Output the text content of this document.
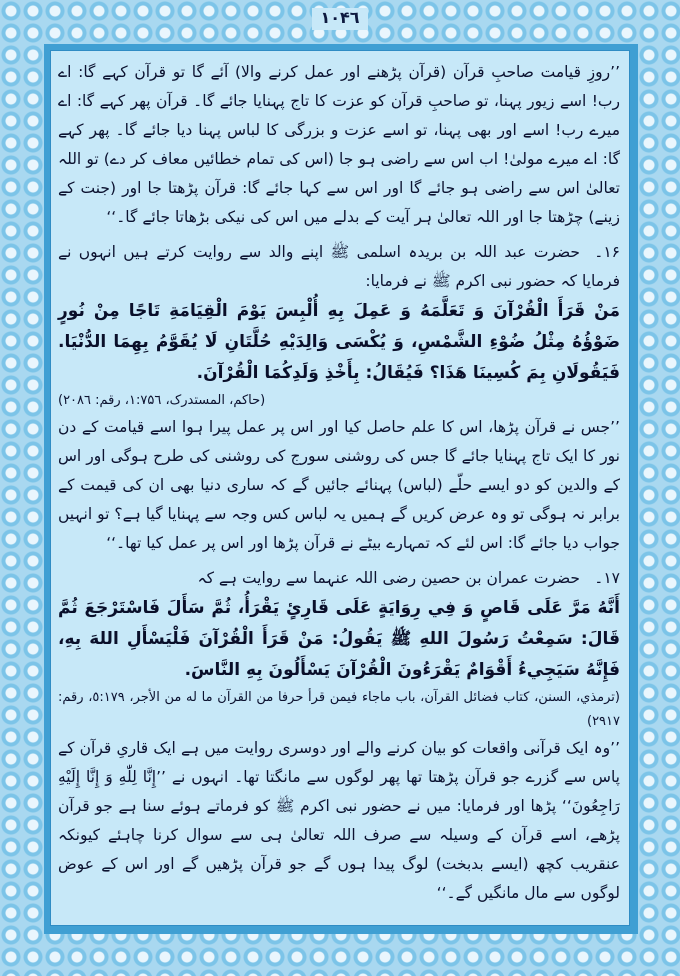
۱۰۴٦

’’روزِ قیامت صاحبِ قرآن (قرآن پڑھنے اور عمل کرنے والا) آئے گا تو قرآن کہے گا: اے رب! اسے زیور پہنا، تو صاحبِ قرآن کو عزت کا تاج پہنایا جائے گا۔ قرآن پھر کہے گا: اے میرے رب! اسے اور بھی پہنا، تو اسے عزت و بزرگی کا لباس پہنا دیا جائے گا۔ پھر کہے گا: اے میرے مولیٰ! اب اس سے راضی ہو جا (اس کی تمام خطائیں معاف کر دے) تو اللہ تعالیٰ اس سے راضی ہو جائے گا اور اس سے کہا جائے گا: قرآن پڑھتا جا اور (جنت کے زینے) چڑھتا جا اور اللہ تعالیٰ ہر آیت کے بدلے میں اس کی نیکی بڑھاتا جائے گا۔‘‘

۱۶۔حضرت عبد اللہ بن بریدہ اسلمی ﷺ اپنے والد سے روایت کرتے ہیں انہوں نے فرمایا کہ حضور نبی اکرم ﷺ نے فرمایا:

مَنْ قَرَأَ الْقُرْآنَ وَ تَعَلَّمَهُ وَ عَمِلَ بِهِ أُلْبِسَ يَوْمَ الْقِيَامَةِ تَاجًا مِنْ نُورٍ ضَوْؤُهُ مِثْلُ ضُوْءِ الشَّمْسِ، وَ يُكْسَى وَالِدَيْهِ حُلَّتَانِ لَا يُقَوَّمُ بِهِمَا الدُّنْيَا. فَيَقُولَانِ بِمَ كُسِينَا هَذَا؟ فَيُقَالُ: بِأَخْذِ وَلَدِكُمَا الْقُرْآنَ.

(حاکم، المستدرک، ۱:۷۵٦، رقم: ۲۰۸٦)

’’جس نے قرآن پڑھا، اس کا علم حاصل کیا اور اس پر عمل پیرا ہوا اسے قیامت کے دن نور کا ایک تاج پہنایا جائے گا جس کی روشنی سورج کی روشنی کی طرح ہوگی اور اس کے والدین کو دو ایسے حلّے (لباس) پہنائے جائیں گے کہ ساری دنیا بھی ان کی قیمت کے برابر نہ ہوگی تو وہ عرض کریں گے ہمیں یہ لباس کس وجہ سے پہنایا گیا ہے؟ تو انہیں جواب دیا جائے گا: اس لئے کہ تمہارے بیٹے نے قرآن پڑھا اور اس پر عمل کیا تھا۔‘‘

۱۷۔حضرت عمران بن حصین رضی اللہ عنہما سے روایت ہے کہ

أَنَّهُ مَرَّ عَلَى قَاصٍ وَ فِي رِوَايَةٍ عَلَى قَارِئٍ يَقْرَأُ، ثُمَّ سَأَلَ فَاسْتَرْجَعَ ثُمَّ قَالَ: سَمِعْتُ رَسُولَ اللهِ ﷺ يَقُولُ: مَنْ قَرَأَ الْقُرْآنَ فَلْيَسْأَلِ اللهَ بِهِ، فَإِنَّهُ سَيَجِيءُ أَقْوَامٌ يَقْرَءُونَ الْقُرْآنَ يَسْأَلُونَ بِهِ النَّاسَ.

(ترمذي، السنن، كتاب فضائل القرآن، باب ماجاء فيمن قرأ حرفا من القرآن ما له من الأجر، ٥:١٧٩، رقم: ٢٩١٧)

’’وہ ایک قرآنی واقعات کو بیان کرنے والے اور دوسری روایت میں ہے ایک قاریِ قرآن کے پاس سے گزرے جو قرآن پڑھتا تھا پھر لوگوں سے مانگتا تھا۔ انہوں نے ’’إِنَّا لِلّٰهِ وَ إِنَّا إِلَيْهِ رَاجِعُونَ‘‘ پڑھا اور فرمایا: میں نے حضور نبی اکرم ﷺ کو فرماتے ہوئے سنا ہے جو قرآن پڑھے، اسے قرآن کے وسیلہ سے صرف اللہ تعالیٰ ہی سے سوال کرنا چاہئے کیونکہ عنقریب کچھ (ایسے بدبخت) لوگ پیدا ہوں گے جو قرآن پڑھیں گے اور اس کے عوض لوگوں سے مال مانگیں گے۔‘‘
